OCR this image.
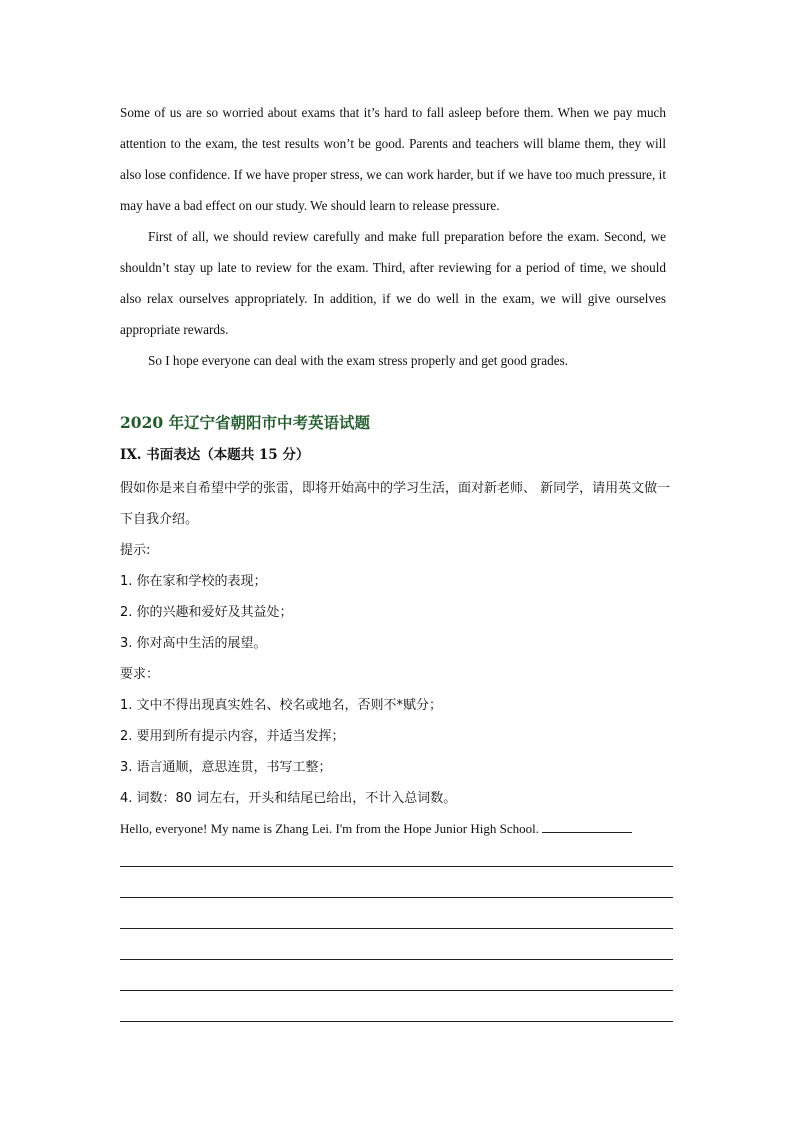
Some of us are so worried about exams that it’s hard to fall asleep before them. When we pay much attention to the exam, the test results won’t be good. Parents and teachers will blame them, they will also lose confidence. If we have proper stress, we can work harder, but if we have too much pressure, it may have a bad effect on our study. We should learn to release pressure.

First of all, we should review carefully and make full preparation before the exam. Second, we shouldn’t stay up late to review for the exam. Third, after reviewing for a period of time, we should also relax ourselves appropriately. In addition, if we do well in the exam, we will give ourselves appropriate rewards.

So I hope everyone can deal with the exam stress properly and get good grades.

2020 年辽宁省朝阳市中考英语试题
IX. 书面表达（本题共 15 分）
假如你是来自希望中学的张雷，即将开始高中的学习生活，面对新老师、 新同学，请用英文做一下自我介绍。
提示:
1. 你在家和学校的表现；
2. 你的兴趣和爱好及其益处；
3. 你对高中生活的展望。
要求：
1. 文中不得出现真实姓名、校名或地名，否则不*赋分；
2. 要用到所有提示内容，并适当发挥；
3. 语言通顺，意思连贯，书写工整；
4. 词数：80 词左右，开头和结尾已给出，不计入总词数。
Hello, everyone! My name is Zhang Lei. I'm from the Hope Junior High School.
